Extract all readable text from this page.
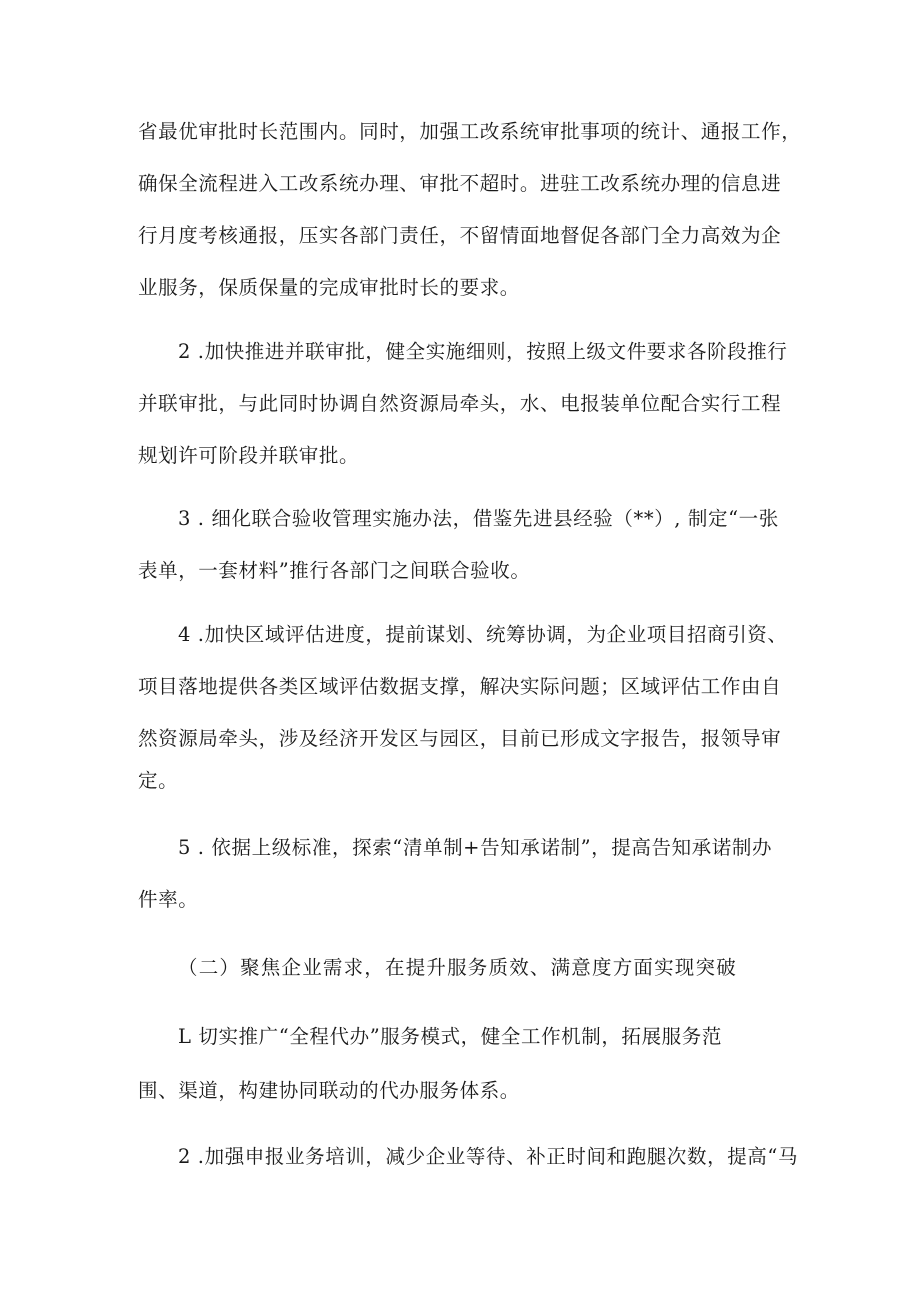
省最优审批时长范围内。同时，加强工改系统审批事项的统计、通报工作，
确保全流程进入工改系统办理、审批不超时。进驻工改系统办理的信息进
行月度考核通报，压实各部门责任，不留情面地督促各部门全力高效为企
业服务，保质保量的完成审批时长的要求。
2 .加快推进并联审批，健全实施细则，按照上级文件要求各阶段推行
并联审批，与此同时协调自然资源局牵头，水、电报装单位配合实行工程
规划许可阶段并联审批。
3 . 细化联合验收管理实施办法，借鉴先进县经验（**）, 制定“一张
表单，一套材料”推行各部门之间联合验收。
4 .加快区域评估进度，提前谋划、统筹协调，为企业项目招商引资、
项目落地提供各类区域评估数据支撑，解决实际问题；区域评估工作由自
然资源局牵头，涉及经济开发区与园区，目前已形成文字报告，报领导审
定。
5 . 依据上级标准，探索“清单制+告知承诺制”，提高告知承诺制办
件率。
（二）聚焦企业需求，在提升服务质效、满意度方面实现突破
L 切实推广“全程代办”服务模式，健全工作机制，拓展服务范
围、渠道，构建协同联动的代办服务体系。
2 .加强申报业务培训，减少企业等待、补正时间和跑腿次数，提高“马
